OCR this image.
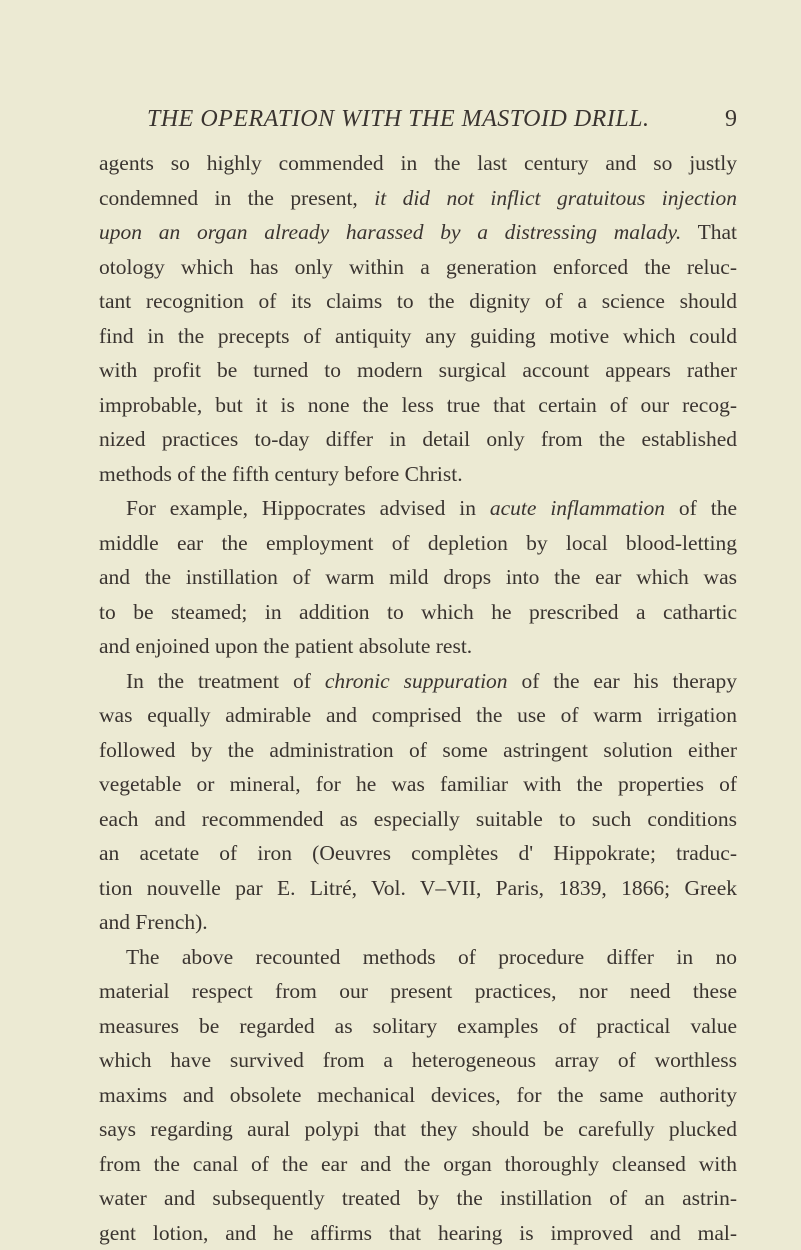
THE OPERATION WITH THE MASTOID DRILL.	9
agents so highly commended in the last century and so justly
condemned in the present, it did not inflict gratuitous injection
upon an organ already harassed by a distressing malady. That
otology which has only within a generation enforced the reluc-
tant recognition of its claims to the dignity of a science should
find in the precepts of antiquity any guiding motive which could
with profit be turned to modern surgical account appears rather
improbable, but it is none the less true that certain of our recog-
nized practices to-day differ in detail only from the established
methods of the fifth century before Christ.
For example, Hippocrates advised in acute inflammation of the
middle ear the employment of depletion by local blood-letting
and the instillation of warm mild drops into the ear which was
to be steamed; in addition to which he prescribed a cathartic
and enjoined upon the patient absolute rest.
In the treatment of chronic suppuration of the ear his therapy
was equally admirable and comprised the use of warm irrigation
followed by the administration of some astringent solution either
vegetable or mineral, for he was familiar with the properties of
each and recommended as especially suitable to such conditions
an acetate of iron (Oeuvres complètes d' Hippokrate; traduc-
tion nouvelle par E. Litré, Vol. V–VII, Paris, 1839, 1866; Greek
and French).
The above recounted methods of procedure differ in no
material respect from our present practices, nor need these
measures be regarded as solitary examples of practical value
which have survived from a heterogeneous array of worthless
maxims and obsolete mechanical devices, for the same authority
says regarding aural polypi that they should be carefully plucked
from the canal of the ear and the organ thoroughly cleansed with
water and subsequently treated by the instillation of an astrin-
gent lotion, and he affirms that hearing is improved and mal-
